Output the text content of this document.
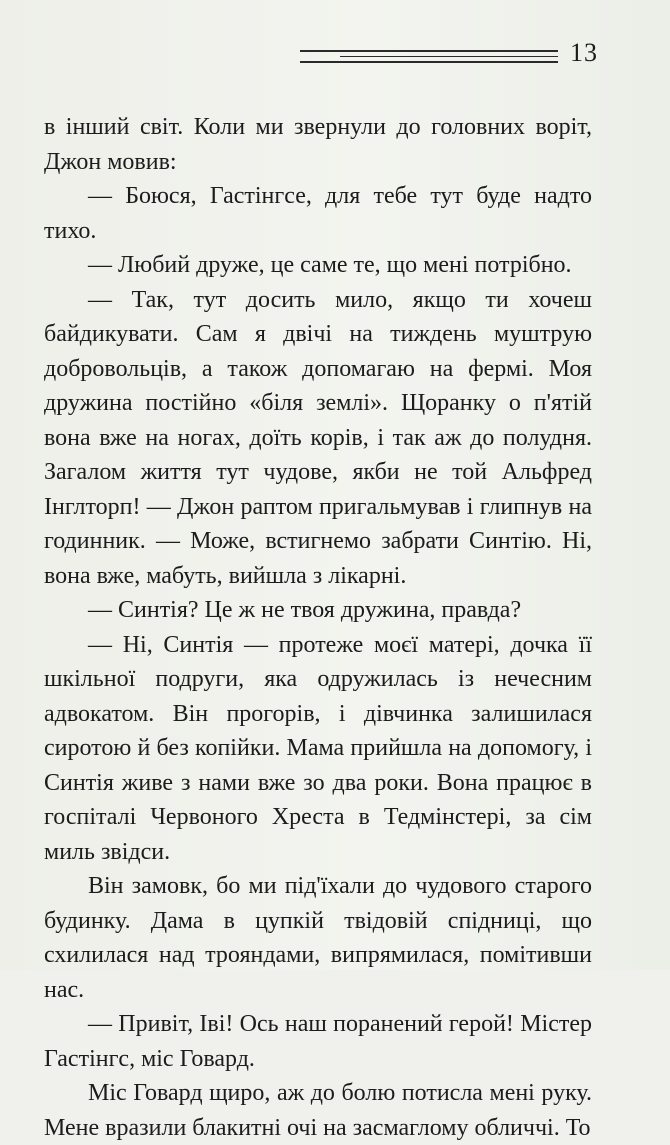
13

в інший світ. Коли ми звернули до головних воріт, Джон мовив:

— Боюся, Гастінгсе, для тебе тут буде надто тихо.

— Любий друже, це саме те, що мені потрібно.

— Так, тут досить мило, якщо ти хочеш байдикувати. Сам я двічі на тиждень муштрую добровольців, а також допомагаю на фермі. Моя дружина постійно «біля землі». Щоранку о п'ятій вона вже на ногах, доїть корів, і так аж до полудня. Загалом життя тут чудове, якби не той Альфред Інглторп! — Джон раптом пригальмував і глипнув на годинник. — Може, встигнемо забрати Синтію. Ні, вона вже, мабуть, вийшла з лікарні.

— Синтія? Це ж не твоя дружина, правда?

— Ні, Синтія — протеже моєї матері, дочка її шкільної подруги, яка одружилась із нечесним адвокатом. Він прогорів, і дівчинка залишилася сиротою й без копійки. Мама прийшла на допомогу, і Синтія живе з нами вже зо два роки. Вона працює в госпіталі Червоного Хреста в Тедмінстері, за сім миль звідси.

Він замовк, бо ми під'їхали до чудового старого будинку. Дама в цупкій твідовій спідниці, що схилилася над трояндами, випрямилася, помітивши нас.

— Привіт, Іві! Ось наш поранений герой! Містер Гастінгс, міс Говард.

Міс Говард щиро, аж до болю потисла мені руку. Мене вразили блакитні очі на засмаглому обличчі. То
